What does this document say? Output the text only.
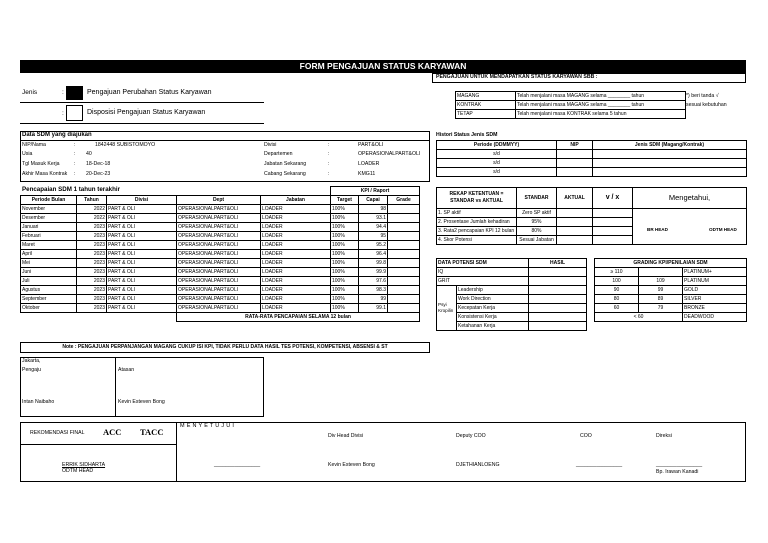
FORM PENGAJUAN STATUS KARYAWAN
PENGAJUAN UNTUK MENDAPATKAN STATUS KARYAWAN SBB :
Jenis	:
:
Pengajuan Perubahan Status Karyawan
Disposisi Pengajuan Status Karyawan
MAGANG	Telah menjalani masa MAGANG selama ________ tahun
KONTRAK	Telah menjalani masa MAGANG selama ________ tahun
TETAP	Telah menjalani masa KONTRAK selama 5 tahun
*) beri tanda √
sesuai kebutuhan
Data SDM yang diajukan
NIP/Nama	:	1842448 SUBISTOMOYO
Usia	: 40
Tgl Masuk Kerja	: 18-Dec-18
Akhir Masa Kontrak : 20-Dec-23
Divisi	:	PART&OLI
Departemen	:	OPERASIONALPART&OLI
Jabatan Sekarang	:	LOADER
Cabang Sekarang	:	KMG11
Histori Status Jenis SDM
Periode (DDMMYY)	NIP	Jenis SDM (Magang/Kontrak)
s/d		
s/d		
s/d		
Pencapaian SDM 1 tahun terakhir
					KPI / Raport		
Periode Bulan	Tahun	Divisi	Dept	Jabatan	Target	Capai	Grade
November	2022	PART & OLI	OPERASIONALPART&OLI	LOADER	100%	98	
Desember	2022	PART & OLI	OPERASIONALPART&OLI	LOADER	100%	93.1	
Januari	2023	PART & OLI	OPERASIONALPART&OLI	LOADER	100%	94.4	
Februari	2023	PART & OLI	OPERASIONALPART&OLI	LOADER	100%	95	
Maret	2023	PART & OLI	OPERASIONALPART&OLI	LOADER	100%	95.2	
April	2023	PART & OLI	OPERASIONALPART&OLI	LOADER	100%	96.4	
Mei	2023	PART & OLI	OPERASIONALPART&OLI	LOADER	100%	99.8	
Juni	2023	PART & OLI	OPERASIONALPART&OLI	LOADER	100%	99.9	
Juli	2023	PART & OLI	OPERASIONALPART&OLI	LOADER	100%	97.6	
Agustus	2023	PART & OLI	OPERASIONALPART&OLI	LOADER	100%	98.3	
September	2023	PART & OLI	OPERASIONALPART&OLI	LOADER	100%	99	
Oktober	2023	PART & OLI	OPERASIONALPART&OLI	LOADER	100%	99.1	
			RATA-RATA PENCAPAIAN SELAMA 12 bulan				
REKAP KETENTUAN = STANDAR vs AKTUAL	STANDAR	AKTUAL	v / x	Mengetahui,
1. SP aktif	Zero SP aktif			BR HEAD ODTM HEAD

2. Prosentase Jumlah kehadiran	95%			
3. Rata2 pencapaian KPI 12 bulan	80%			
4. Skor Potensi	Sesuai Jabatan			
DATA POTENSI SDM		HASIL
IQ		
GRIT		
Psyi Kropilin	Leadership	
	Work Direction	
	Kecepatan Kerja	
	Konsistensi Kerja	
	Ketahanan Kerja	
GRADING KPI/PENILAIAN SDM		
≥ 110		PLATINUM+
100	109	PLATINUM
90	99	GOLD
80	89	SILVER
60	79	BRONZE
< 60		DEADWOOD
Note : PENGAJUAN PERPANJANGAN MAGANG CUKUP ISI KPI, TIDAK PERLU DATA HASIL TES POTENSI, KOMPETENSI, ABSENSI & ST
Jakarta,
Pengaju	Atasan
Intan Naibaho	Kevin Esteven Bong
REKOMENDASI FINAL ACC TACC
M E N Y E T U J U I
Div Head Divisi	Deputy COO	COO	Direksi
ERRIK SIDHARTA
ODTM HEAD
________________	Kevin Esteven Bong	DJETHIANLOENG	________________	________________
Bp. Irawan Kanadi
